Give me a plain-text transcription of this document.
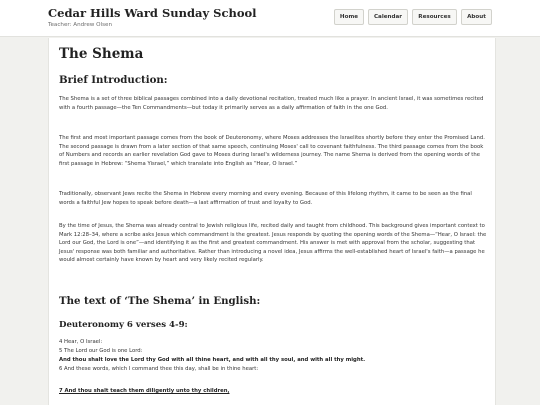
Cedar Hills Ward Sunday School
Teacher: Andrew Olsen
Home	Calendar	Resources	About
The Shema
Brief Introduction:

The Shema is a set of three biblical passages combined into a daily devotional recitation, treated much like a prayer. In ancient Israel, it was sometimes recited with a fourth passage—the Ten Commandments—but today it primarily serves as a daily affirmation of faith in the one God.

The first and most important passage comes from the book of Deuteronomy, where Moses addresses the Israelites shortly before they enter the Promised Land. The second passage is drawn from a later section of that same speech, continuing Moses' call to covenant faithfulness. The third passage comes from the book of Numbers and records an earlier revelation God gave to Moses during Israel's wilderness journey. The name Shema is derived from the opening words of the first passage in Hebrew: “Shema Yisrael,” which translate into English as “Hear, O Israel.”

Traditionally, observant Jews recite the Shema in Hebrew every morning and every evening. Because of this lifelong rhythm, it came to be seen as the final words a faithful Jew hopes to speak before death—a last affirmation of trust and loyalty to God.

By the time of Jesus, the Shema was already central to Jewish religious life, recited daily and taught from childhood. This background gives important context to Mark 12:28–34, where a scribe asks Jesus which commandment is the greatest. Jesus responds by quoting the opening words of the Shema—“Hear, O Israel: the Lord our God, the Lord is one”—and identifying it as the first and greatest commandment. His answer is met with approval from the scholar, suggesting that Jesus' response was both familiar and authoritative. Rather than introducing a novel idea, Jesus affirms the well-established heart of Israel's faith—a passage he would almost certainly have known by heart and very likely recited regularly.

The text of ‘The Shema’ in English:
Deuteronomy 6 verses 4-9:
4 Hear, O Israel:
5 The Lord our God is one Lord:
And thou shalt love the Lord thy God with all thine heart, and with all thy soul, and with all thy might.
6 And these words, which I command thee this day, shall be in thine heart:
7 And thou shalt teach them diligently unto thy children,
